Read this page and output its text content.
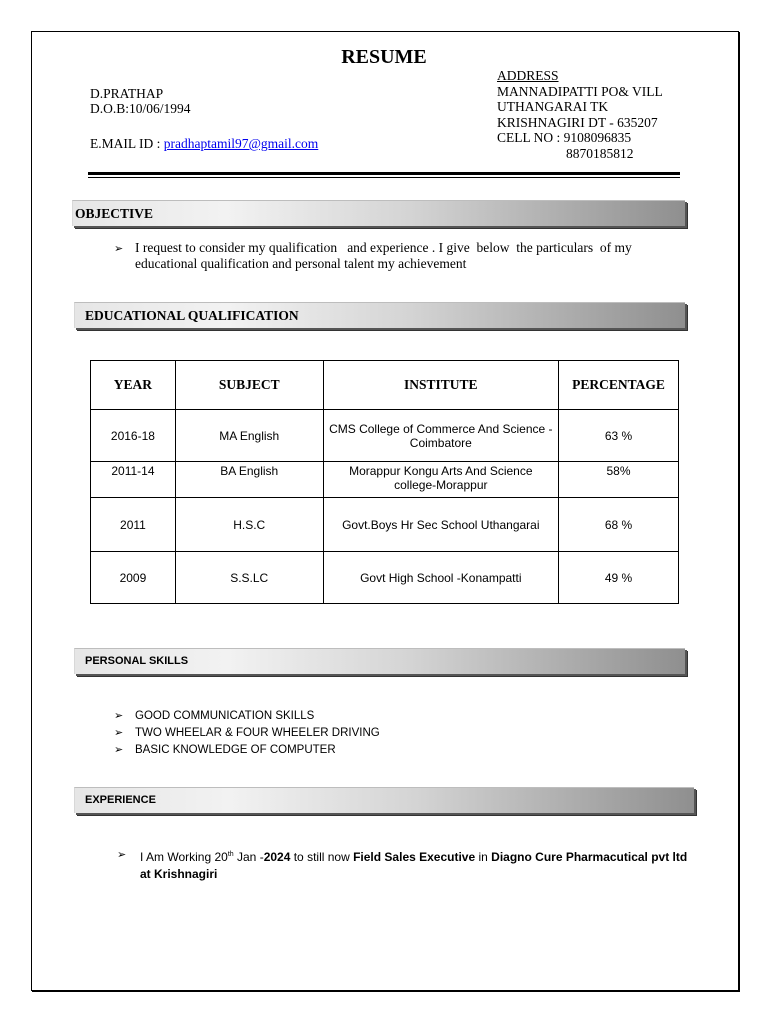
RESUME
D.PRATHAP
D.O.B:10/06/1994
E.MAIL ID : pradhaptamil97@gmail.com
ADDRESS
MANNADIPATTI PO& VILL
UTHANGARAI TK
KRISHNAGIRI DT - 635207
CELL NO : 9108096835
8870185812
OBJECTIVE
➢ I request to consider my qualification   and experience . I give  below  the particulars  of my
educational qualification and personal talent my achievement
EDUCATIONAL QUALIFICATION
YEAR	SUBJECT	INSTITUTE	PERCENTAGE
2016-18	MA English	CMS College of Commerce And Science -Coimbatore	63 %
2011-14	BA English	Morappur Kongu Arts And Science college-Morappur	58%
2011	H.S.C	Govt.Boys Hr Sec School Uthangarai	68 %
2009	S.S.LC	Govt High School -Konampatti	49 %
PERSONAL SKILLS
➢
➢
➢
GOOD COMMUNICATION SKILLS
TWO WHEELAR & FOUR WHEELER DRIVING
BASIC KNOWLEDGE OF COMPUTER
EXPERIENCE
➢ I Am Working 20th Jan -2024 to still now Field Sales Executive in Diagno Cure Pharmacutical pvt ltd at Krishnagiri
